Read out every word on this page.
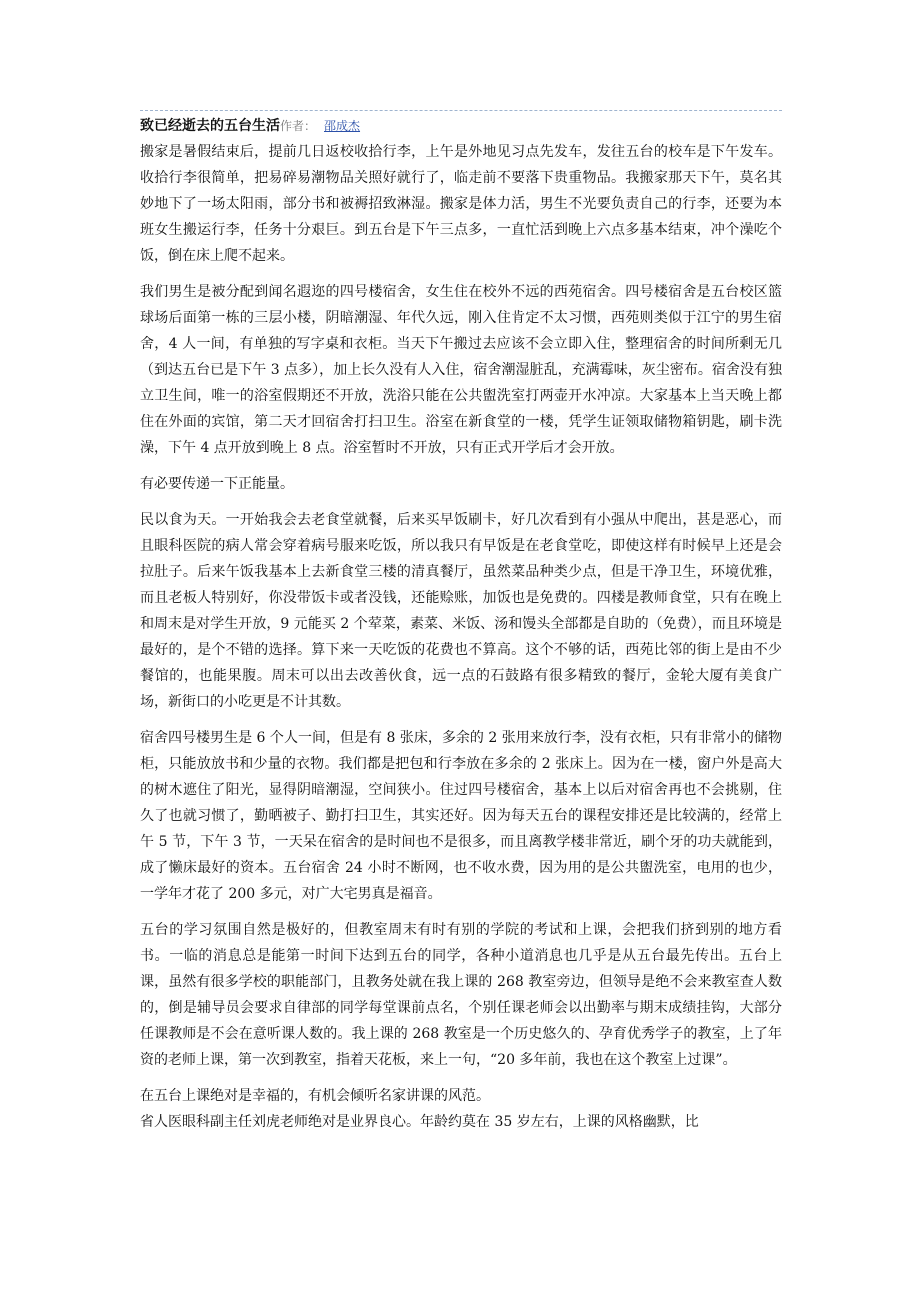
致已经逝去的五台生活作者： 邵成杰

搬家是暑假结束后，提前几日返校收拾行李，上午是外地见习点先发车，发往五台的校车是下午发车。收拾行李很简单，把易碎易潮物品关照好就行了，临走前不要落下贵重物品。我搬家那天下午，莫名其妙地下了一场太阳雨，部分书和被褥招致淋湿。搬家是体力活，男生不光要负责自己的行李，还要为本班女生搬运行李，任务十分艰巨。到五台是下午三点多，一直忙活到晚上六点多基本结束，冲个澡吃个饭，倒在床上爬不起来。

我们男生是被分配到闻名遐迩的四号楼宿舍，女生住在校外不远的西苑宿舍。四号楼宿舍是五台校区篮球场后面第一栋的三层小楼，阴暗潮湿、年代久远，刚入住肯定不太习惯，西苑则类似于江宁的男生宿舍，4 人一间，有单独的写字桌和衣柜。当天下午搬过去应该不会立即入住，整理宿舍的时间所剩无几（到达五台已是下午 3 点多），加上长久没有人入住，宿舍潮湿脏乱，充满霉味，灰尘密布。宿舍没有独立卫生间，唯一的浴室假期还不开放，洗浴只能在公共盥洗室打两壶开水冲凉。大家基本上当天晚上都住在外面的宾馆，第二天才回宿舍打扫卫生。浴室在新食堂的一楼，凭学生证领取储物箱钥匙，刷卡洗澡，下午 4 点开放到晚上 8 点。浴室暂时不开放，只有正式开学后才会开放。

有必要传递一下正能量。

民以食为天。一开始我会去老食堂就餐，后来买早饭刷卡，好几次看到有小强从中爬出，甚是恶心，而且眼科医院的病人常会穿着病号服来吃饭，所以我只有早饭是在老食堂吃，即使这样有时候早上还是会拉肚子。后来午饭我基本上去新食堂三楼的清真餐厅，虽然菜品种类少点，但是干净卫生，环境优雅，而且老板人特别好，你没带饭卡或者没钱，还能赊账，加饭也是免费的。四楼是教师食堂，只有在晚上和周末是对学生开放，9 元能买 2 个荤菜，素菜、米饭、汤和馒头全部都是自助的（免费），而且环境是最好的，是个不错的选择。算下来一天吃饭的花费也不算高。这个不够的话，西苑比邻的街上是由不少餐馆的，也能果腹。周末可以出去改善伙食，远一点的石鼓路有很多精致的餐厅，金轮大厦有美食广场，新街口的小吃更是不计其数。

宿舍四号楼男生是 6 个人一间，但是有 8 张床，多余的 2 张用来放行李，没有衣柜，只有非常小的储物柜，只能放放书和少量的衣物。我们都是把包和行李放在多余的 2 张床上。因为在一楼，窗户外是高大的树木遮住了阳光，显得阴暗潮湿，空间狭小。住过四号楼宿舍，基本上以后对宿舍再也不会挑剔，住久了也就习惯了，勤晒被子、勤打扫卫生，其实还好。因为每天五台的课程安排还是比较满的，经常上午 5 节，下午 3 节，一天呆在宿舍的是时间也不是很多，而且离教学楼非常近，刷个牙的功夫就能到，成了懒床最好的资本。五台宿舍 24 小时不断网，也不收水费，因为用的是公共盥洗室，电用的也少，一学年才花了 200 多元，对广大宅男真是福音。

五台的学习氛围自然是极好的，但教室周末有时有别的学院的考试和上课，会把我们挤到别的地方看书。一临的消息总是能第一时间下达到五台的同学，各种小道消息也几乎是从五台最先传出。五台上课，虽然有很多学校的职能部门，且教务处就在我上课的 268 教室旁边，但领导是绝不会来教室查人数的，倒是辅导员会要求自律部的同学每堂课前点名，个别任课老师会以出勤率与期末成绩挂钩，大部分任课教师是不会在意听课人数的。我上课的 268 教室是一个历史悠久的、孕育优秀学子的教室，上了年资的老师上课，第一次到教室，指着天花板，来上一句，“20 多年前，我也在这个教室上过课”。

在五台上课绝对是幸福的，有机会倾听名家讲课的风范。

省人医眼科副主任刘虎老师绝对是业界良心。年龄约莫在 35 岁左右，上课的风格幽默，比
